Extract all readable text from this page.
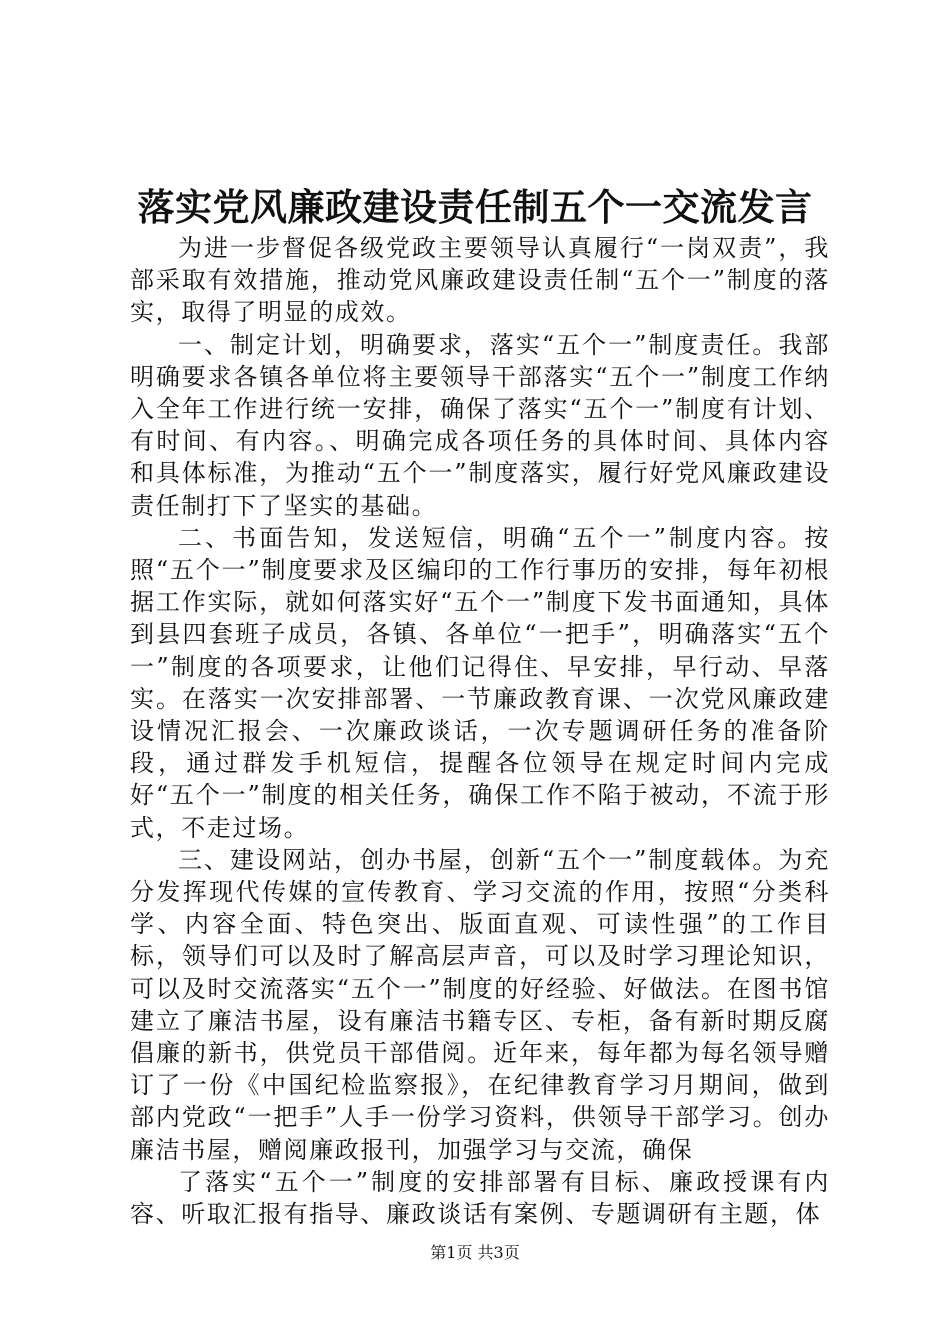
落实党风廉政建设责任制五个一交流发言

为进一步督促各级党政主要领导认真履行“一岗双责”，我部采取有效措施，推动党风廉政建设责任制“五个一”制度的落实，取得了明显的成效。

一、制定计划，明确要求，落实“五个一”制度责任。我部明确要求各镇各单位将主要领导干部落实“五个一”制度工作纳入全年工作进行统一安排，确保了落实“五个一”制度有计划、有时间、有内容。、明确完成各项任务的具体时间、具体内容和具体标准，为推动“五个一”制度落实，履行好党风廉政建设责任制打下了坚实的基础。

二、书面告知，发送短信，明确“五个一”制度内容。按照“五个一”制度要求及区编印的工作行事历的安排，每年初根据工作实际，就如何落实好“五个一”制度下发书面通知，具体到县四套班子成员，各镇、各单位“一把手”，明确落实“五个一”制度的各项要求，让他们记得住、早安排，早行动、早落实。在落实一次安排部署、一节廉政教育课、一次党风廉政建设情况汇报会、一次廉政谈话，一次专题调研任务的准备阶段，通过群发手机短信，提醒各位领导在规定时间内完成好“五个一”制度的相关任务，确保工作不陷于被动，不流于形式，不走过场。

三、建设网站，创办书屋，创新“五个一”制度载体。为充分发挥现代传媒的宣传教育、学习交流的作用，按照“分类科学、内容全面、特色突出、版面直观、可读性强”的工作目标，领导们可以及时了解高层声音，可以及时学习理论知识，可以及时交流落实“五个一”制度的好经验、好做法。在图书馆建立了廉洁书屋，设有廉洁书籍专区、专柜，备有新时期反腐倡廉的新书，供党员干部借阅。近年来，每年都为每名领导赠订了一份《中国纪检监察报》，在纪律教育学习月期间，做到部内党政“一把手”人手一份学习资料，供领导干部学习。创办廉洁书屋，赠阅廉政报刊，加强学习与交流，确保

了落实“五个一”制度的安排部署有目标、廉政授课有内容、听取汇报有指导、廉政谈话有案例、专题调研有主题，体

第1页 共3页
